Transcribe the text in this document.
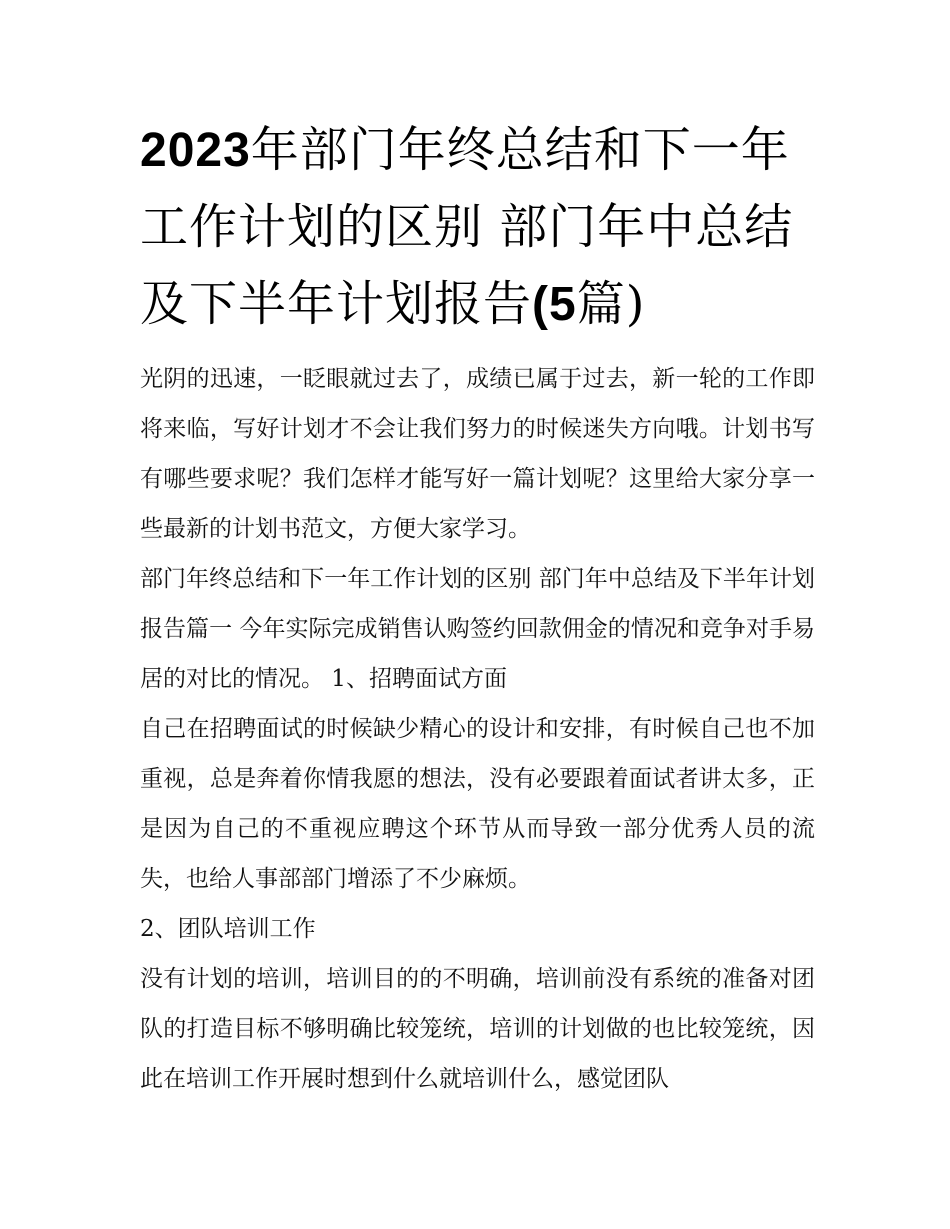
2023年部门年终总结和下一年工作计划的区别 部门年中总结及下半年计划报告(5篇)

光阴的迅速，一眨眼就过去了，成绩已属于过去，新一轮的工作即将来临，写好计划才不会让我们努力的时候迷失方向哦。计划书写有哪些要求呢？我们怎样才能写好一篇计划呢？这里给大家分享一些最新的计划书范文，方便大家学习。

部门年终总结和下一年工作计划的区别 部门年中总结及下半年计划报告篇一 今年实际完成销售认购签约回款佣金的情况和竞争对手易居的对比的情况。 1、招聘面试方面

自己在招聘面试的时候缺少精心的设计和安排，有时候自己也不加重视，总是奔着你情我愿的想法，没有必要跟着面试者讲太多，正是因为自己的不重视应聘这个环节从而导致一部分优秀人员的流失，也给人事部部门增添了不少麻烦。

2、团队培训工作

没有计划的培训，培训目的的不明确，培训前没有系统的准备对团队的打造目标不够明确比较笼统，培训的计划做的也比较笼统，因此在培训工作开展时想到什么就培训什么，感觉团队
